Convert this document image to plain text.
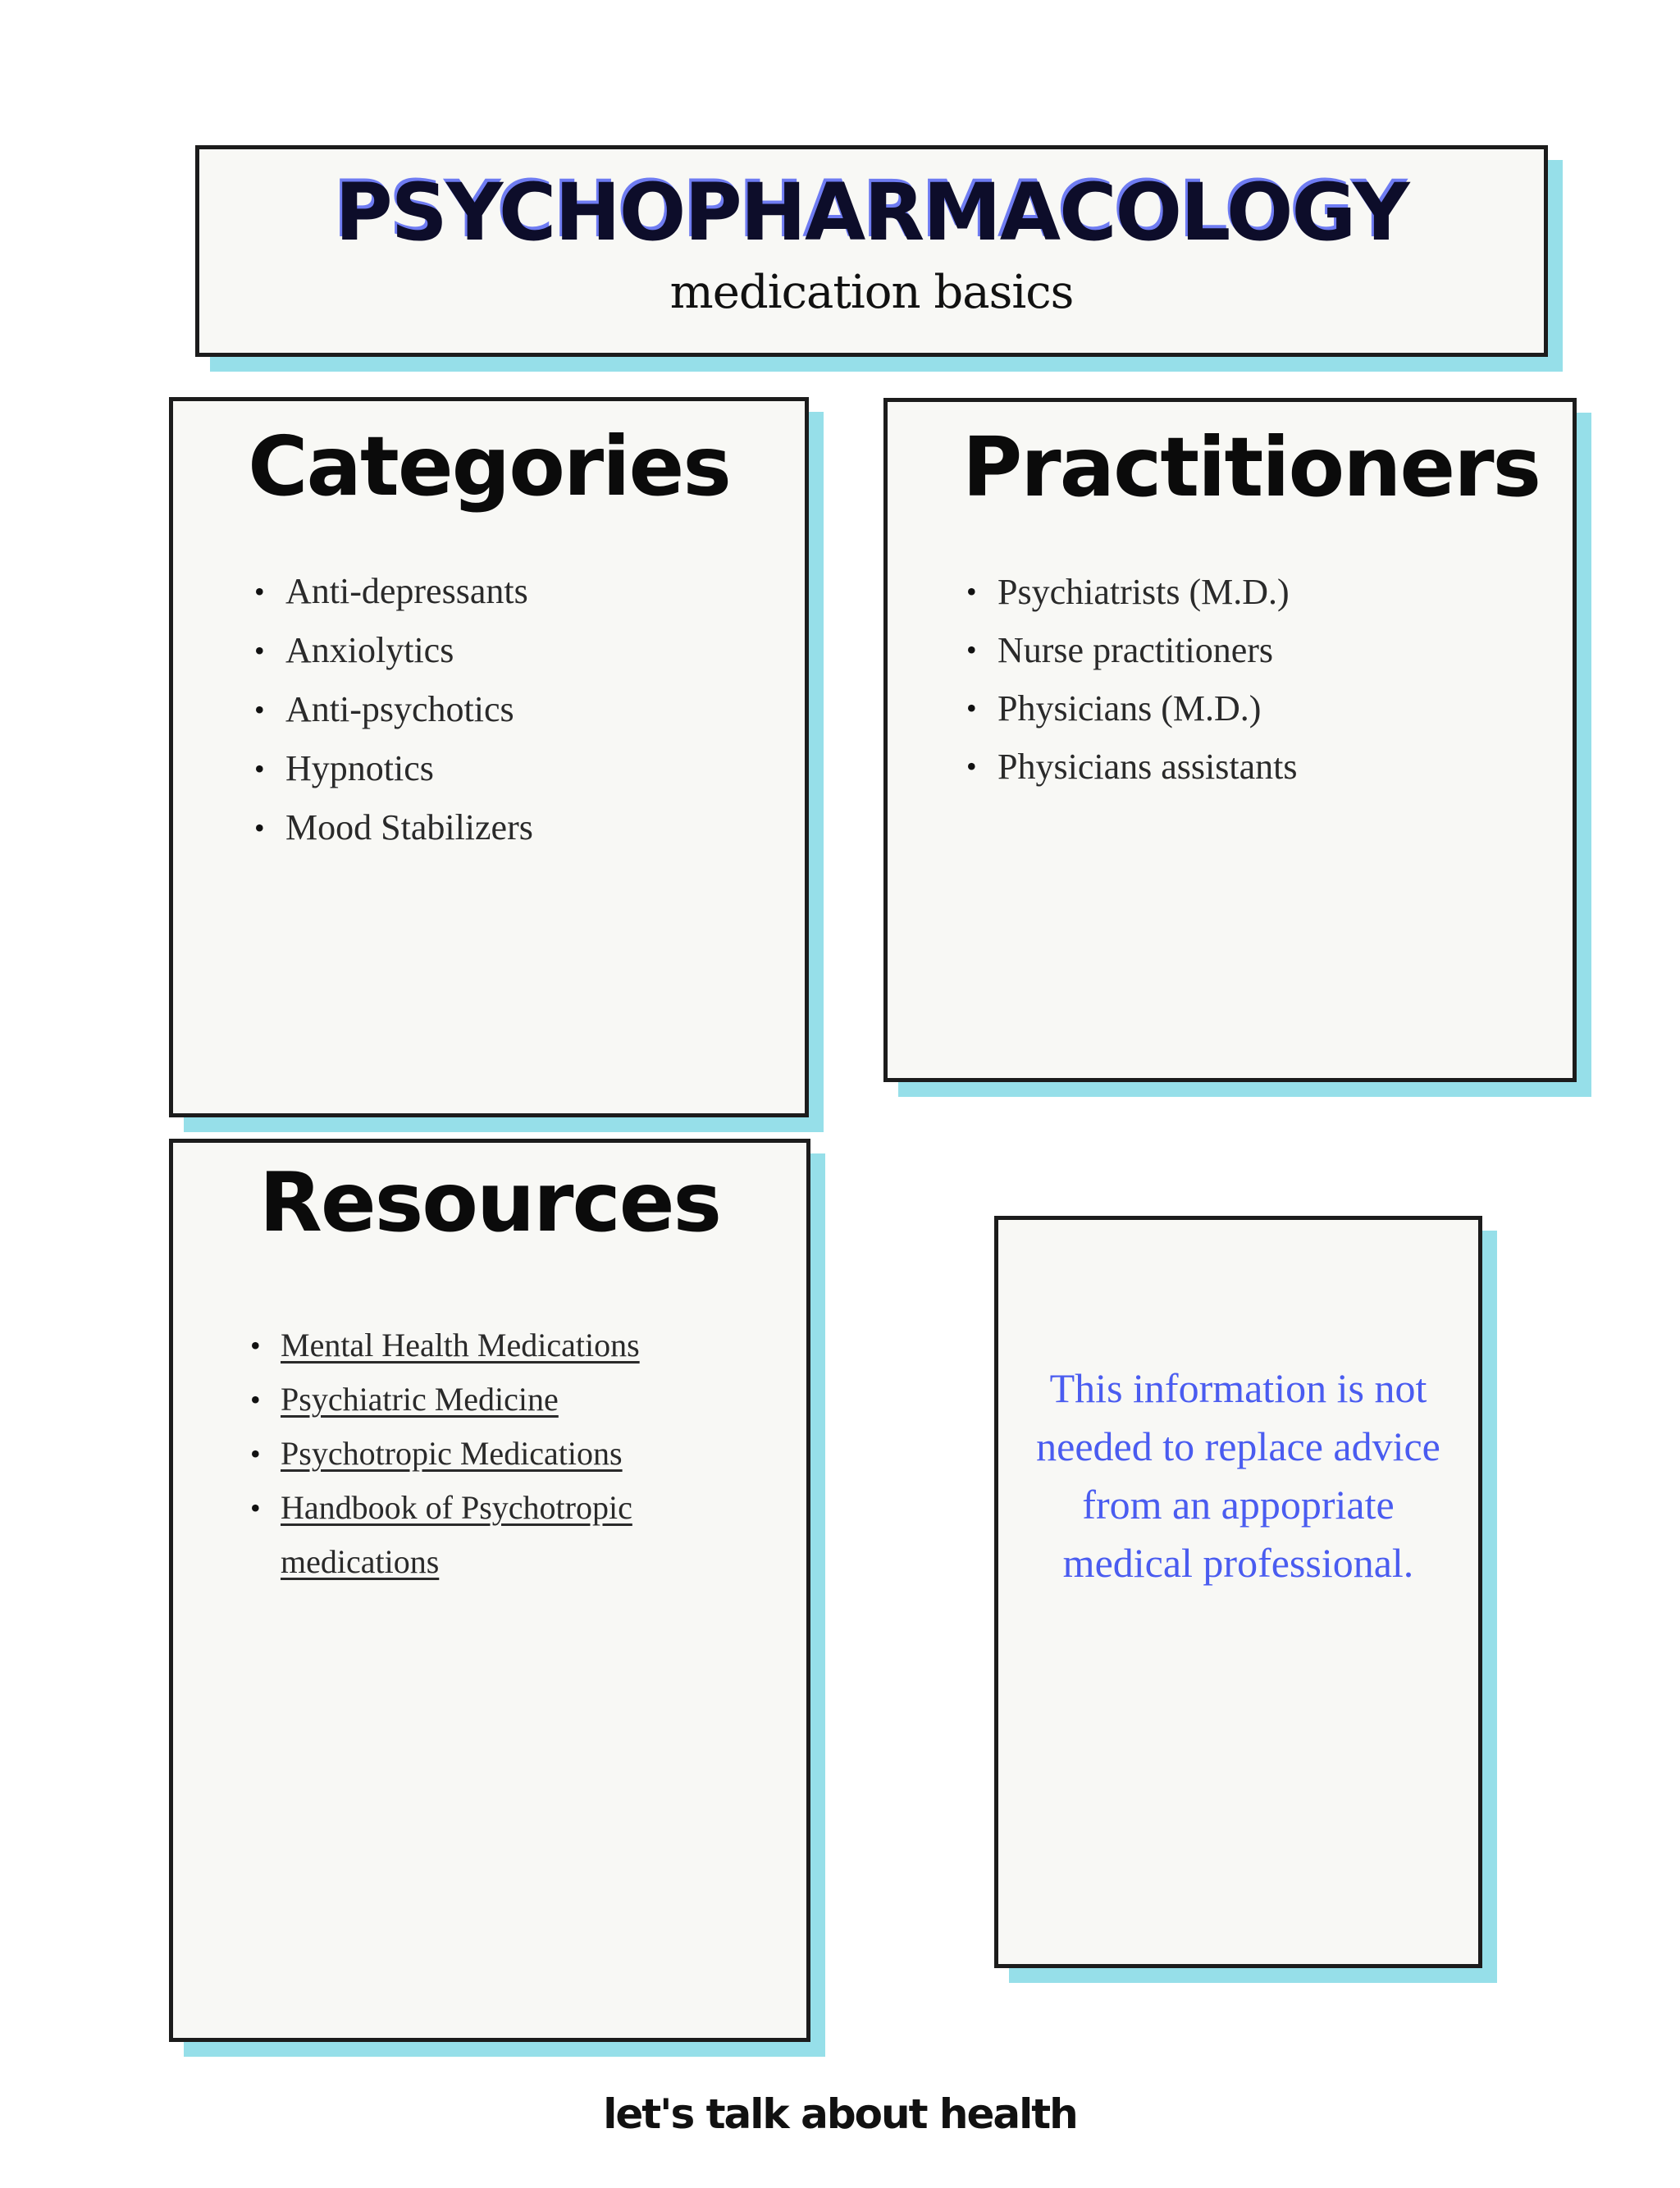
PSYCHOPHARMACOLOGY
medication basics
Categories
• Anti-depressants
• Anxiolytics
• Anti-psychotics
• Hypnotics
• Mood Stabilizers
Practitioners
• Psychiatrists (M.D.)
• Nurse practitioners
• Physicians (M.D.)
• Physicians assistants
Resources
• Mental Health Medications
• Psychiatric Medicine
• Psychotropic Medications
• Handbook of Psychotropic medications
This information is not needed to replace advice from an appopriate medical professional.
let's talk about health
